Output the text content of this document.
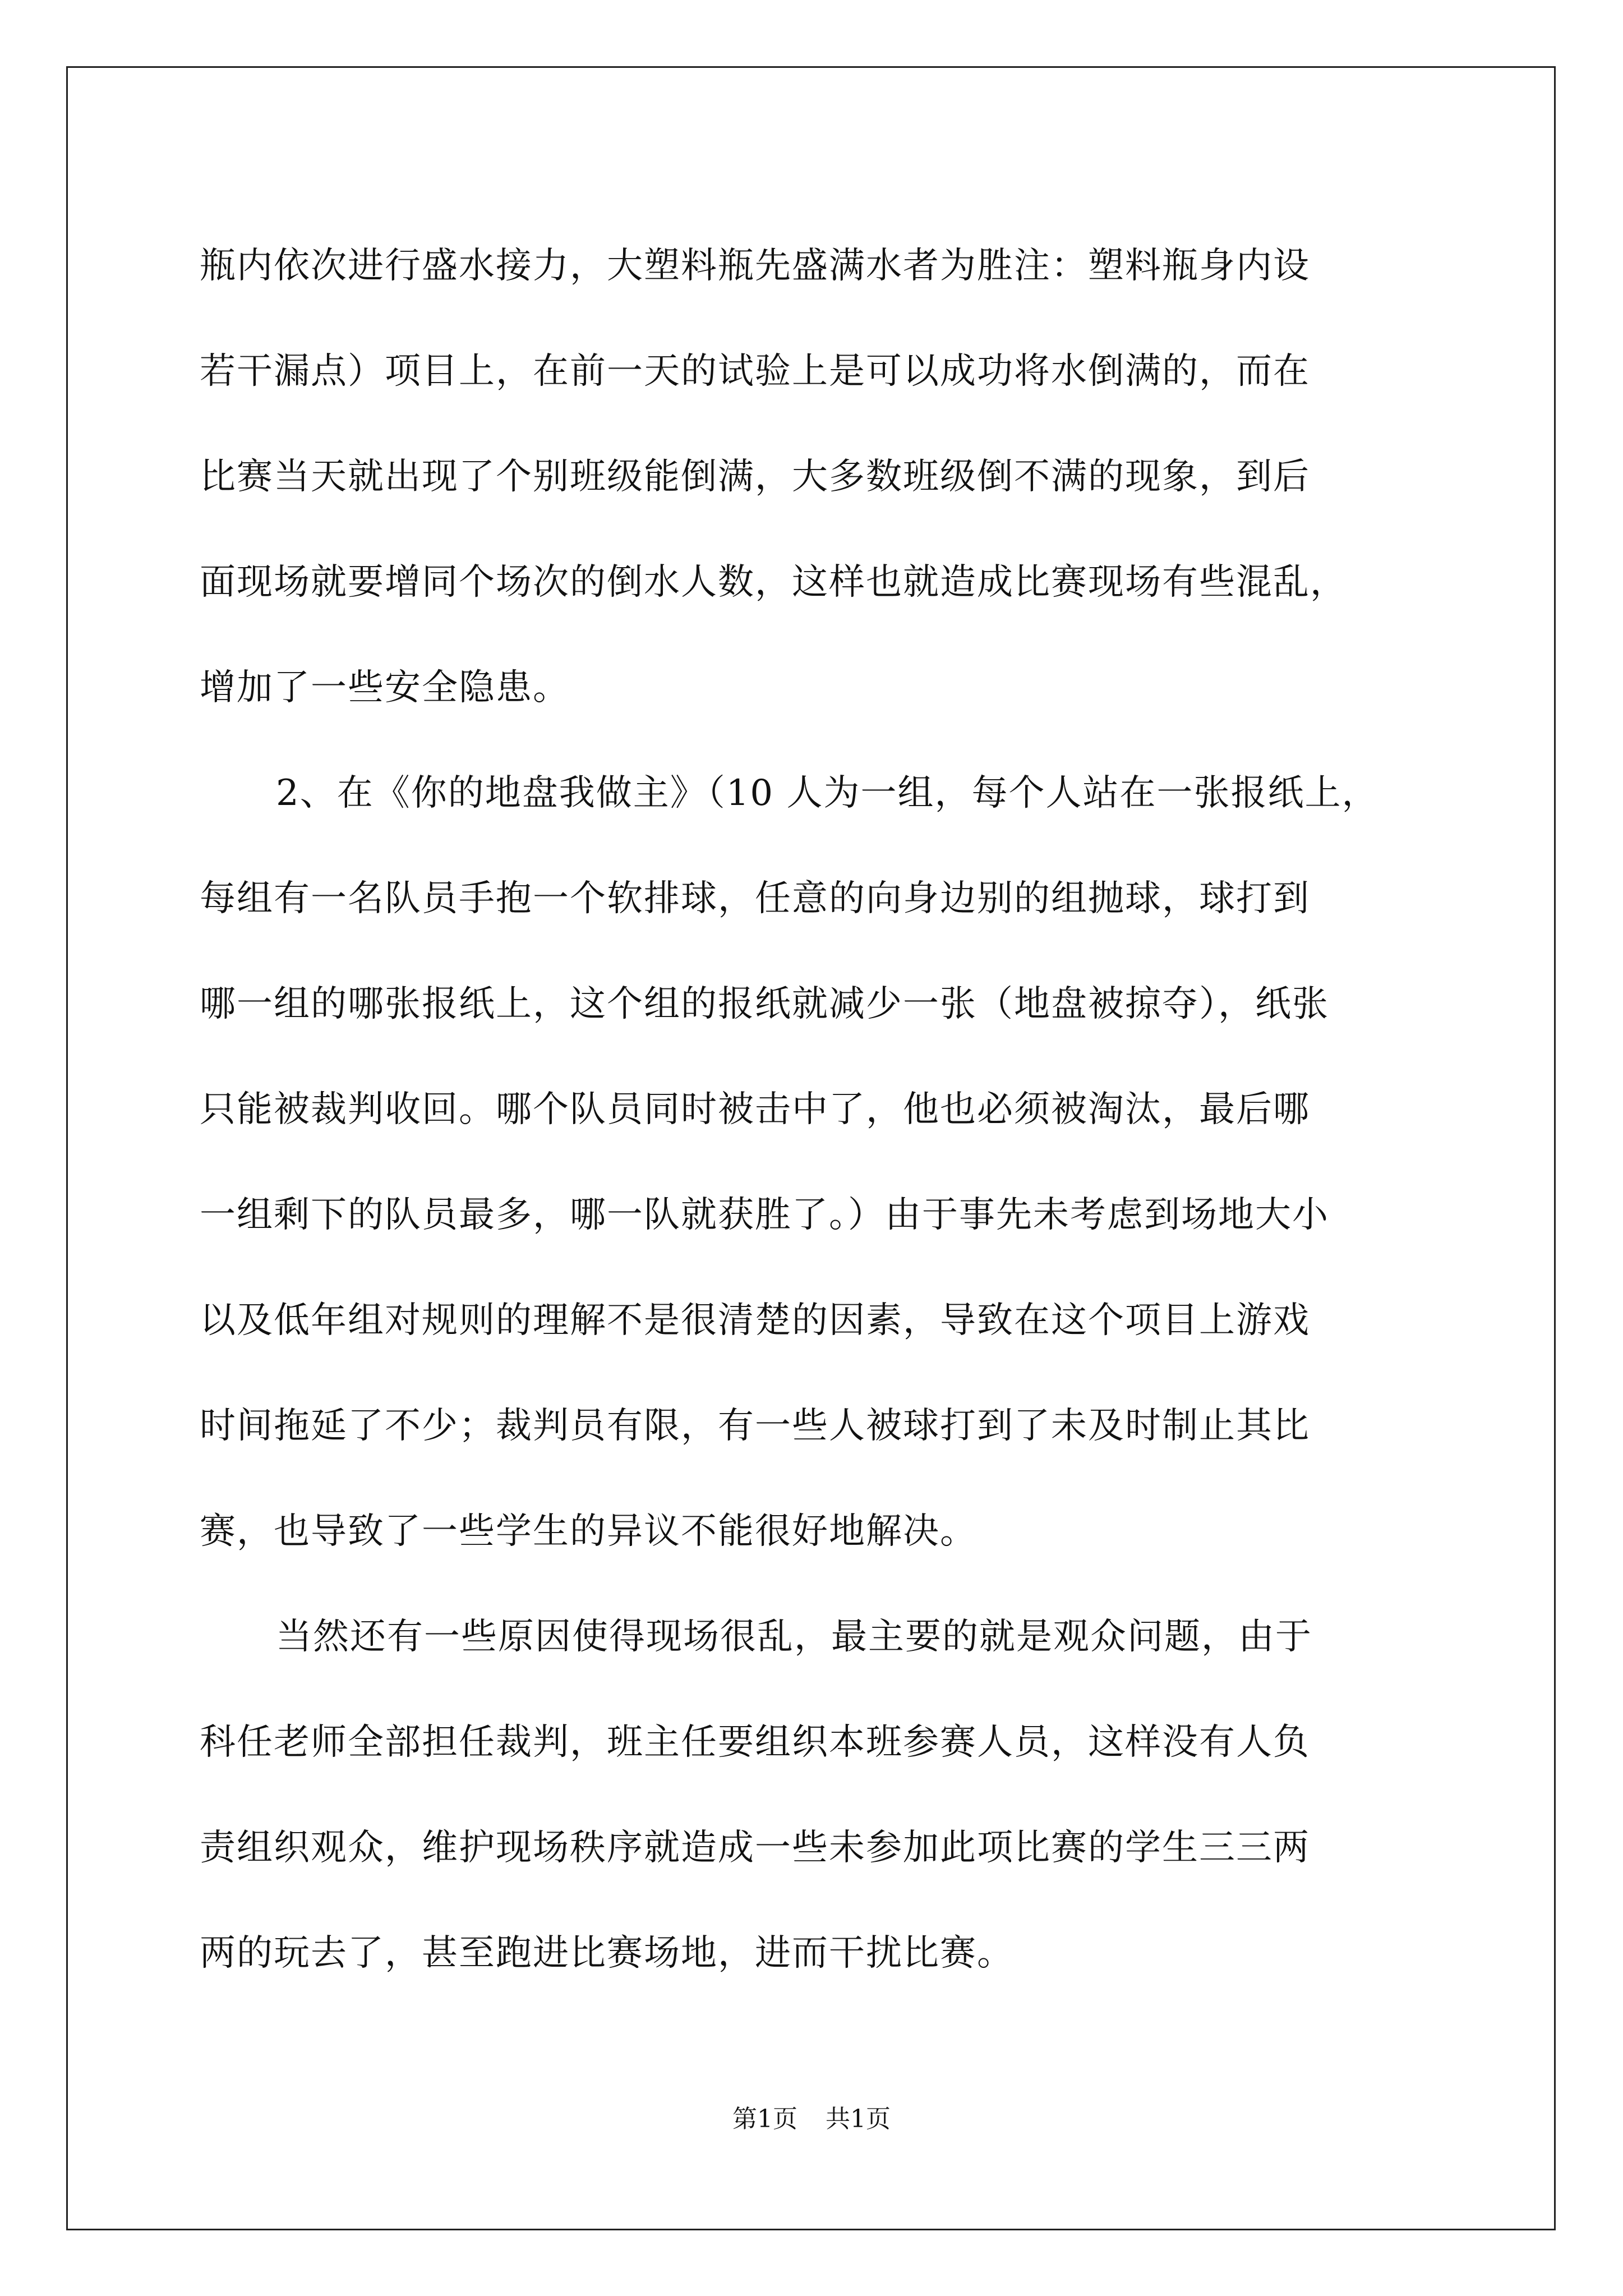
瓶内依次进行盛水接力，大塑料瓶先盛满水者为胜注：塑料瓶身内设
若干漏点）项目上，在前一天的试验上是可以成功将水倒满的，而在
比赛当天就出现了个别班级能倒满，大多数班级倒不满的现象，到后
面现场就要增同个场次的倒水人数，这样也就造成比赛现场有些混乱，
增加了一些安全隐患。
2、在《你的地盘我做主》（10 人为一组，每个人站在一张报纸上，
每组有一名队员手抱一个软排球，任意的向身边别的组抛球，球打到
哪一组的哪张报纸上，这个组的报纸就减少一张（地盘被掠夺），纸张
只能被裁判收回。哪个队员同时被击中了，他也必须被淘汰，最后哪
一组剩下的队员最多，哪一队就获胜了。）由于事先未考虑到场地大小
以及低年组对规则的理解不是很清楚的因素，导致在这个项目上游戏
时间拖延了不少；裁判员有限，有一些人被球打到了未及时制止其比
赛，也导致了一些学生的异议不能很好地解决。
当然还有一些原因使得现场很乱，最主要的就是观众问题，由于
科任老师全部担任裁判，班主任要组织本班参赛人员，这样没有人负
责组织观众，维护现场秩序就造成一些未参加此项比赛的学生三三两
两的玩去了，甚至跑进比赛场地，进而干扰比赛。
第1页 共1页
